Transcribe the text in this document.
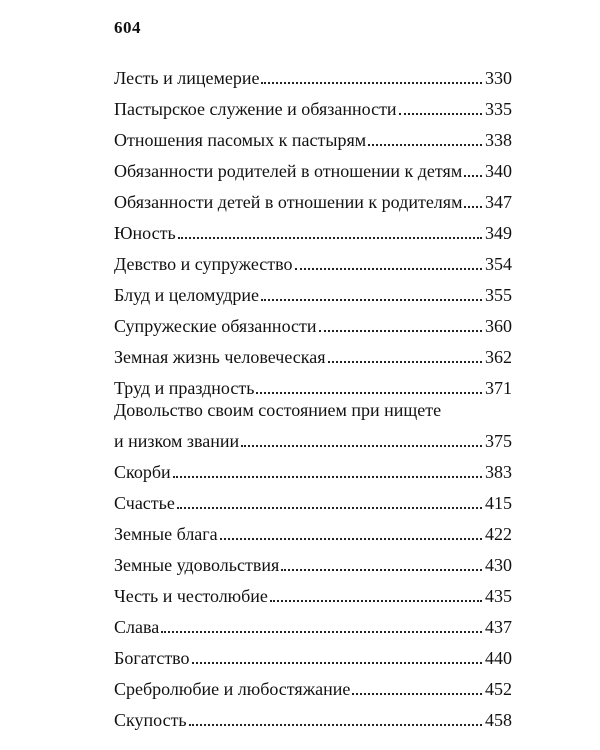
604
Лесть и лицемерие	330
Пастырское служение и обязанности	335
Отношения пасомых к пастырям	338
Обязанности родителей в отношении к детям 340
Обязанности детей в отношении к родителям 347
Юность	349
Девство и супружество	354
Блуд и целомудрие	355
Супружеские обязанности	360
Земная жизнь человеческая	362
Труд и праздность	371
Довольство своим состоянием при нищете
и низком звании	375
Скорби	383
Счастье	415
Земные блага	422
Земные удовольствия	430
Честь и честолюбие	435
Слава	437
Богатство	440
Сребролюбие и любостяжание	452
Скупость	458
